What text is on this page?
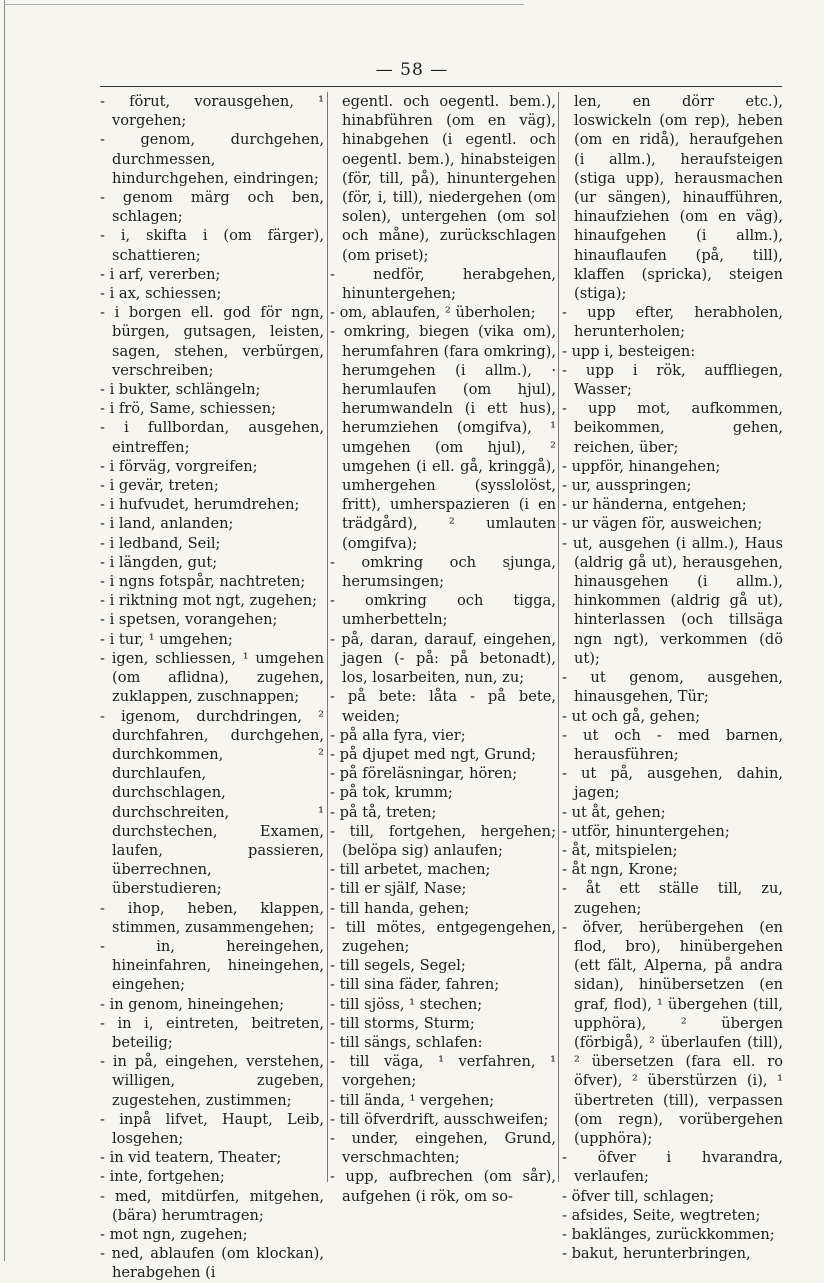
— 58 —
- förut, vorausgehen, ¹ vorgehen;
- genom, durchgehen, durchmessen, hindurchgehen, eindringen;
- genom märg och ben, schlagen;
- i, skifta i (om färger), schattieren;
- i arf, vererben;
- i ax, schiessen;
- i borgen ell. god för ngn, bürgen, gutsagen, leisten, sagen, stehen, verbürgen, verschreiben;
- i bukter, schlängeln;
- i frö, Same, schiessen;
- i fullbordan, ausgehen, eintreffen;
- i förväg, vorgreifen;
- i gevär, treten;
- i hufvudet, herumdrehen;
- i land, anlanden;
- i ledband, Seil;
- i längden, gut;
- i ngns fotspår, nachtreten;
- i riktning mot ngt, zugehen;
- i spetsen, vorangehen;
- i tur, ¹ umgehen;
- igen, schliessen, ¹ umgehen (om aflidna), zugehen, zuklappen, zuschnappen;
- igenom, durchdringen, ² durchfahren, durchgehen, durchkommen, ² durchlaufen, durchschlagen, durchschreiten, ¹ durchstechen, Examen, laufen, passieren, überrechnen, überstudieren;
- ihop, heben, klappen, stimmen, zusammengehen;
- in, hereingehen, hineinfahren, hineingehen, eingehen;
- in genom, hineingehen;
- in i, eintreten, beitreten, beteilig;
- in på, eingehen, verstehen, willigen, zugeben, zugestehen, zustimmen;
- inpå lifvet, Haupt, Leib, losgehen;
- in vid teatern, Theater;
- inte, fortgehen;
- med, mitdürfen, mitgehen, (bära) herumtragen;
- mot ngn, zugehen;
- ned, ablaufen (om klockan), herabgehen (i
egentl. och oegentl. bem.), hinabführen (om en väg), hinabgehen (i egentl. och oegentl. bem.), hinabsteigen (för, till, på), hinuntergehen (för, i, till), niedergehen (om solen), untergehen (om sol och måne), zurückschlagen (om priset);
- nedför, herabgehen, hinuntergehen;
- om, ablaufen, ² überholen;
- omkring, biegen (vika om), herumfahren (fara omkring), herumgehen (i allm.), · herumlaufen (om hjul), herumwandeln (i ett hus), herumziehen (omgifva), ¹ umgehen (om hjul), ² umgehen (i ell. gå, kringgå), umhergehen (sysslolöst, fritt), umherspazieren (i en trädgård), ² umlauten (omgifva);
- omkring och sjunga, herumsingen;
- omkring och tigga, umherbetteln;
- på, daran, darauf, eingehen, jagen (- på: på betonadt), los, losarbeiten, nun, zu;
- på bete: låta - på bete, weiden;
- på alla fyra, vier;
- på djupet med ngt, Grund;
- på föreläsningar, hören;
- på tok, krumm;
- på tå, treten;
- till, fortgehen, hergehen; (belöpa sig) anlaufen;
- till arbetet, machen;
- till er själf, Nase;
- till handa, gehen;
- till mötes, entgegengehen, zugehen;
- till segels, Segel;
- till sina fäder, fahren;
- till sjöss, ¹ stechen;
- till storms, Sturm;
- till sängs, schlafen:
- till väga, ¹ verfahren, ¹ vorgehen;
- till ända, ¹ vergehen;
- till öfverdrift, ausschweifen;
- under, eingehen, Grund, verschmachten;
- upp, aufbrechen (om sår), aufgehen (i rök, om so-
len, en dörr etc.), loswickeln (om rep), heben (om en ridå), heraufgehen (i allm.), heraufsteigen (stiga upp), herausmachen (ur sängen), hinaufführen, hinaufziehen (om en väg), hinaufgehen (i allm.), hinauflaufen (på, till), klaffen (spricka), steigen (stiga);
- upp efter, herabholen, herunterholen;
- upp i, besteigen:
- upp i rök, auffliegen, Wasser;
- upp mot, aufkommen, beikommen, gehen, reichen, über;
- uppför, hinangehen;
- ur, ausspringen;
- ur händerna, entgehen;
- ur vägen för, ausweichen;
- ut, ausgehen (i allm.), Haus (aldrig gå ut), herausgehen, hinausgehen (i allm.), hinkommen (aldrig gå ut), hinterlassen (och tillsäga ngn ngt), verkommen (dö ut);
- ut genom, ausgehen, hinausgehen, Tür;
- ut och gå, gehen;
- ut och - med barnen, herausführen;
- ut på, ausgehen, dahin, jagen;
- ut åt, gehen;
- utför, hinuntergehen;
- åt, mitspielen;
- åt ngn, Krone;
- åt ett ställe till, zu, zugehen;
- öfver, herübergehen (en flod, bro), hinübergehen (ett fält, Alperna, på andra sidan), hinübersetzen (en graf, flod), ¹ übergehen (till, upphöra), ² übergen (förbigå), ² überlaufen (till), ² übersetzen (fara ell. ro öfver), ² überstürzen (i), ¹ übertreten (till), verpassen (om regn), vorübergehen (upphöra);
- öfver i hvarandra, verlaufen;
- öfver till, schlagen;
- afsides, Seite, wegtreten;
- baklänges, zurückkommen;
- bakut, herunterbringen,
